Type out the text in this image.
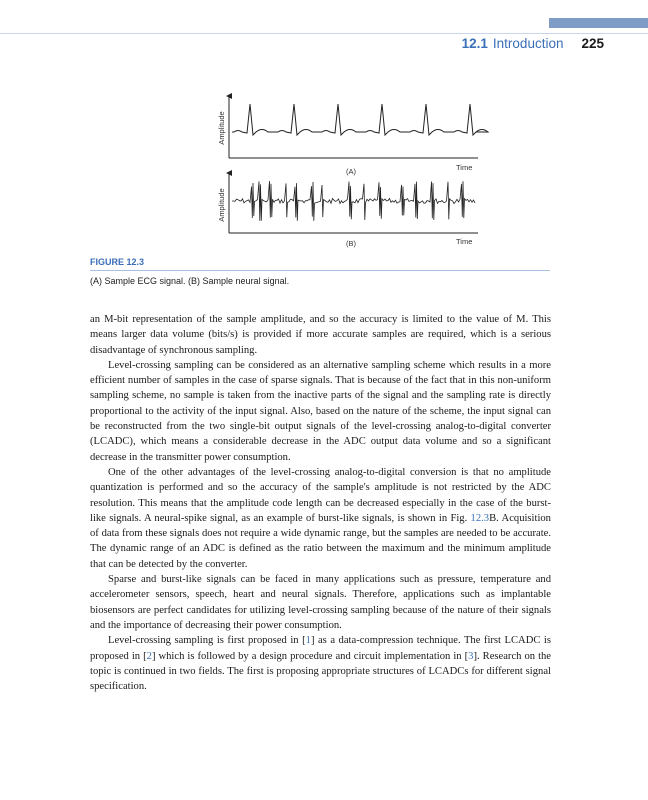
12.1 Introduction 225
Amplitude
Time
(A)
Amplitude
Time
(B)
FIGURE 12.3
(A) Sample ECG signal. (B) Sample neural signal.

an M-bit representation of the sample amplitude, and so the accuracy is limited to the value of M. This means larger data volume (bits/s) is provided if more accurate samples are required, which is a serious disadvantage of synchronous sampling.

Level-crossing sampling can be considered as an alternative sampling scheme which results in a more efficient number of samples in the case of sparse signals. That is because of the fact that in this non-uniform sampling scheme, no sample is taken from the inactive parts of the signal and the sampling rate is directly proportional to the activity of the input signal. Also, based on the nature of the scheme, the input signal can be reconstructed from the two single-bit output signals of the level-crossing analog-to-digital converter (LCADC), which means a considerable decrease in the ADC output data volume and so a significant decrease in the transmitter power consumption.

One of the other advantages of the level-crossing analog-to-digital conversion is that no amplitude quantization is performed and so the accuracy of the sample's amplitude is not restricted by the ADC resolution. This means that the amplitude code length can be decreased especially in the case of the burst-like signals. A neural-spike signal, as an example of burst-like signals, is shown in Fig. 12.3B. Acquisition of data from these signals does not require a wide dynamic range, but the samples are needed to be accurate. The dynamic range of an ADC is defined as the ratio between the maximum and the minimum amplitude that can be detected by the converter.

Sparse and burst-like signals can be faced in many applications such as pressure, temperature and accelerometer sensors, speech, heart and neural signals. Therefore, applications such as implantable biosensors are perfect candidates for utilizing level-crossing sampling because of the nature of their signals and the importance of decreasing their power consumption.

Level-crossing sampling is first proposed in [1] as a data-compression technique. The first LCADC is proposed in [2] which is followed by a design procedure and circuit implementation in [3]. Research on the topic is continued in two fields. The first is proposing appropriate structures of LCADCs for different signal specification.
